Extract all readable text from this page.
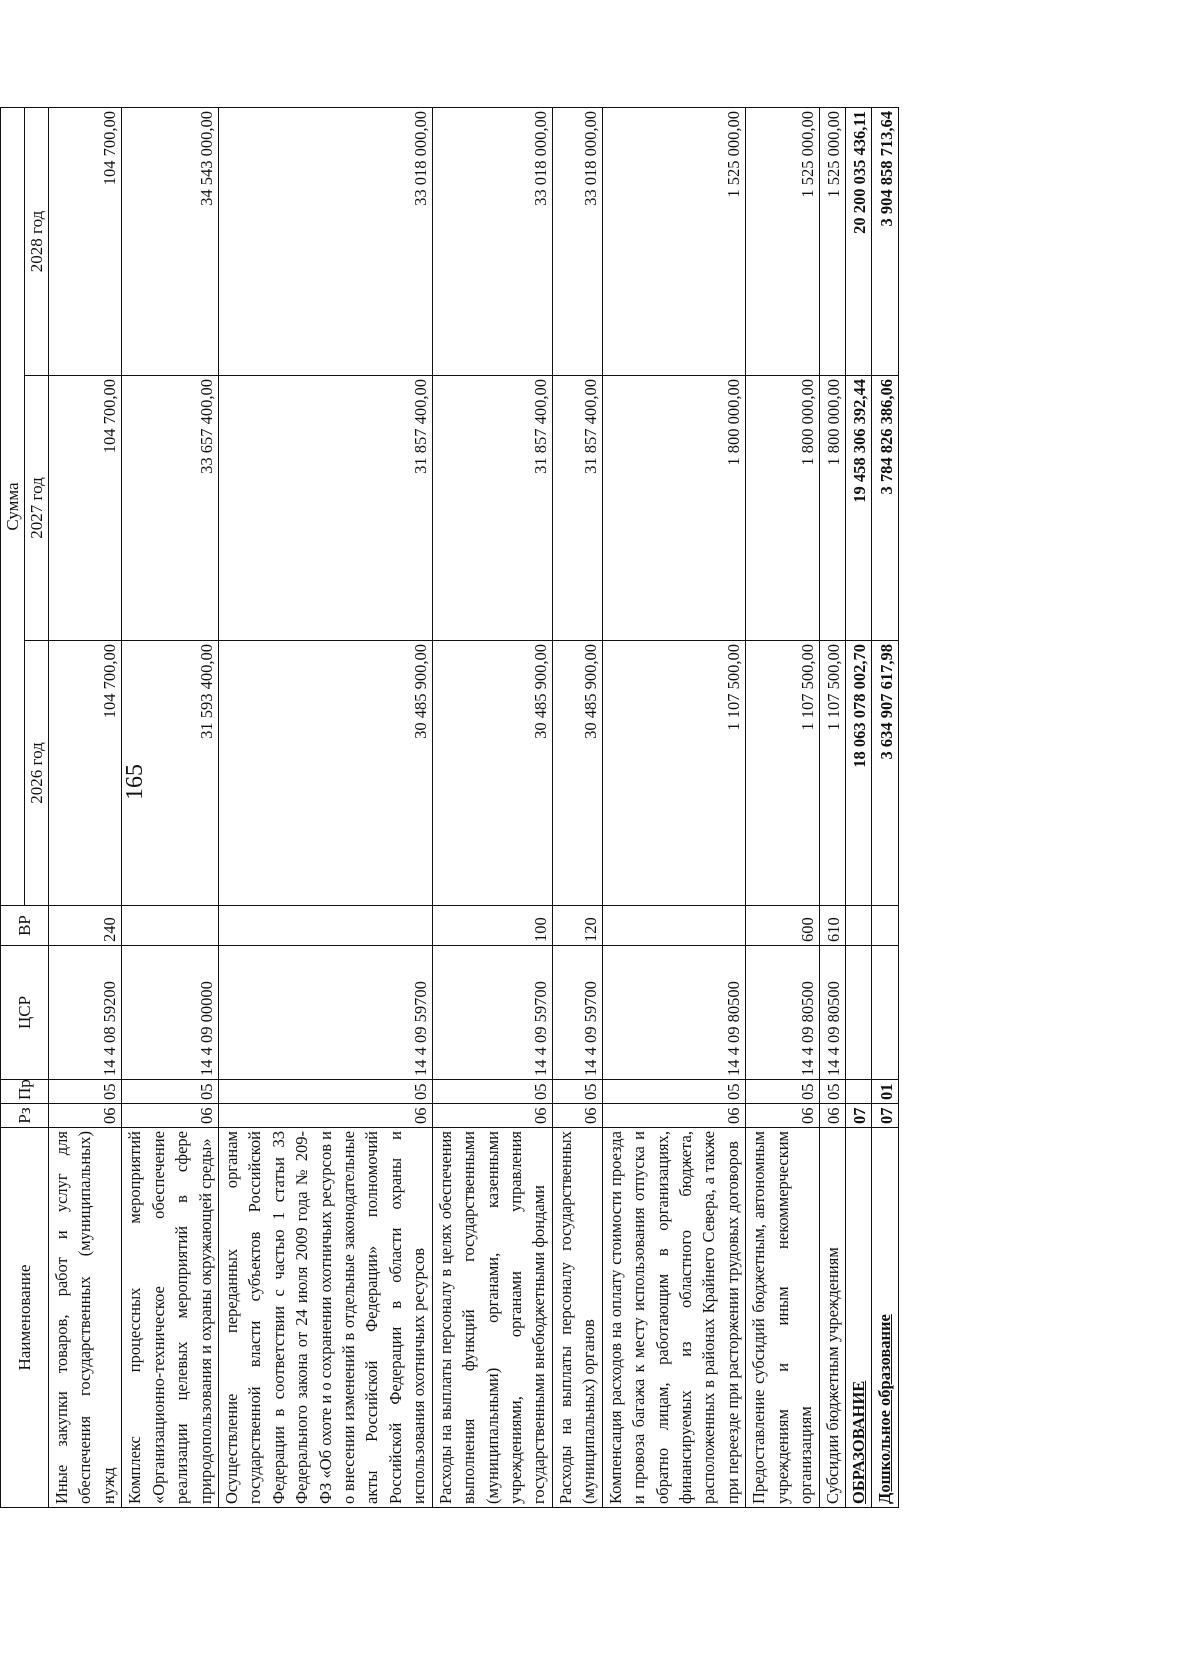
165
Наименование	Рз	Пр	ЦСР	ВР	Сумма		
					2026 год	2027 год	2028 год
Иные закупки товаров, работ и услуг для обеспечения государственных (муниципальных) нужд	06	05	14 4 08 59200	240	104 700,00	104 700,00	104 700,00
Комплекс процессных мероприятий «Организационно-техническое обеспечение реализации целевых мероприятий в сфере природопользования и охраны окружающей среды»	06	05	14 4 09 00000		31 593 400,00	33 657 400,00	34 543 000,00
Осуществление переданных органам государственной власти субъектов Российской Федерации в соответствии с частью 1 статьи 33 Федерального закона от 24 июля 2009 года № 209-ФЗ «Об охоте и о сохранении охотничьих ресурсов и о внесении изменений в отдельные законодательные акты Российской Федерации» полномочий Российской Федерации в области охраны и использования охотничьих ресурсов	06	05	14 4 09 59700		30 485 900,00	31 857 400,00	33 018 000,00
Расходы на выплаты персоналу в целях обеспечения выполнения функций государственными (муниципальными) органами, казенными учреждениями, органами управления государственными внебюджетными фондами	06	05	14 4 09 59700	100	30 485 900,00	31 857 400,00	33 018 000,00
Расходы на выплаты персоналу государственных (муниципальных) органов	06	05	14 4 09 59700	120	30 485 900,00	31 857 400,00	33 018 000,00
Компенсация расходов на оплату стоимости проезда и провоза багажа к месту использования отпуска и обратно лицам, работающим в организациях, финансируемых из областного бюджета, расположенных в районах Крайнего Севера, а также при переезде при расторжении трудовых договоров	06	05	14 4 09 80500		1 107 500,00	1 800 000,00	1 525 000,00
Предоставление субсидий бюджетным, автономным учреждениям и иным некоммерческим организациям	06	05	14 4 09 80500	600	1 107 500,00	1 800 000,00	1 525 000,00
Субсидии бюджетным учреждениям	06	05	14 4 09 80500	610	1 107 500,00	1 800 000,00	1 525 000,00
ОБРАЗОВАНИЕ	07				18 063 078 002,70	19 458 306 392,44	20 200 035 436,11
Дошкольное образование	07	01			3 634 907 617,98	3 784 826 386,06	3 904 858 713,64
